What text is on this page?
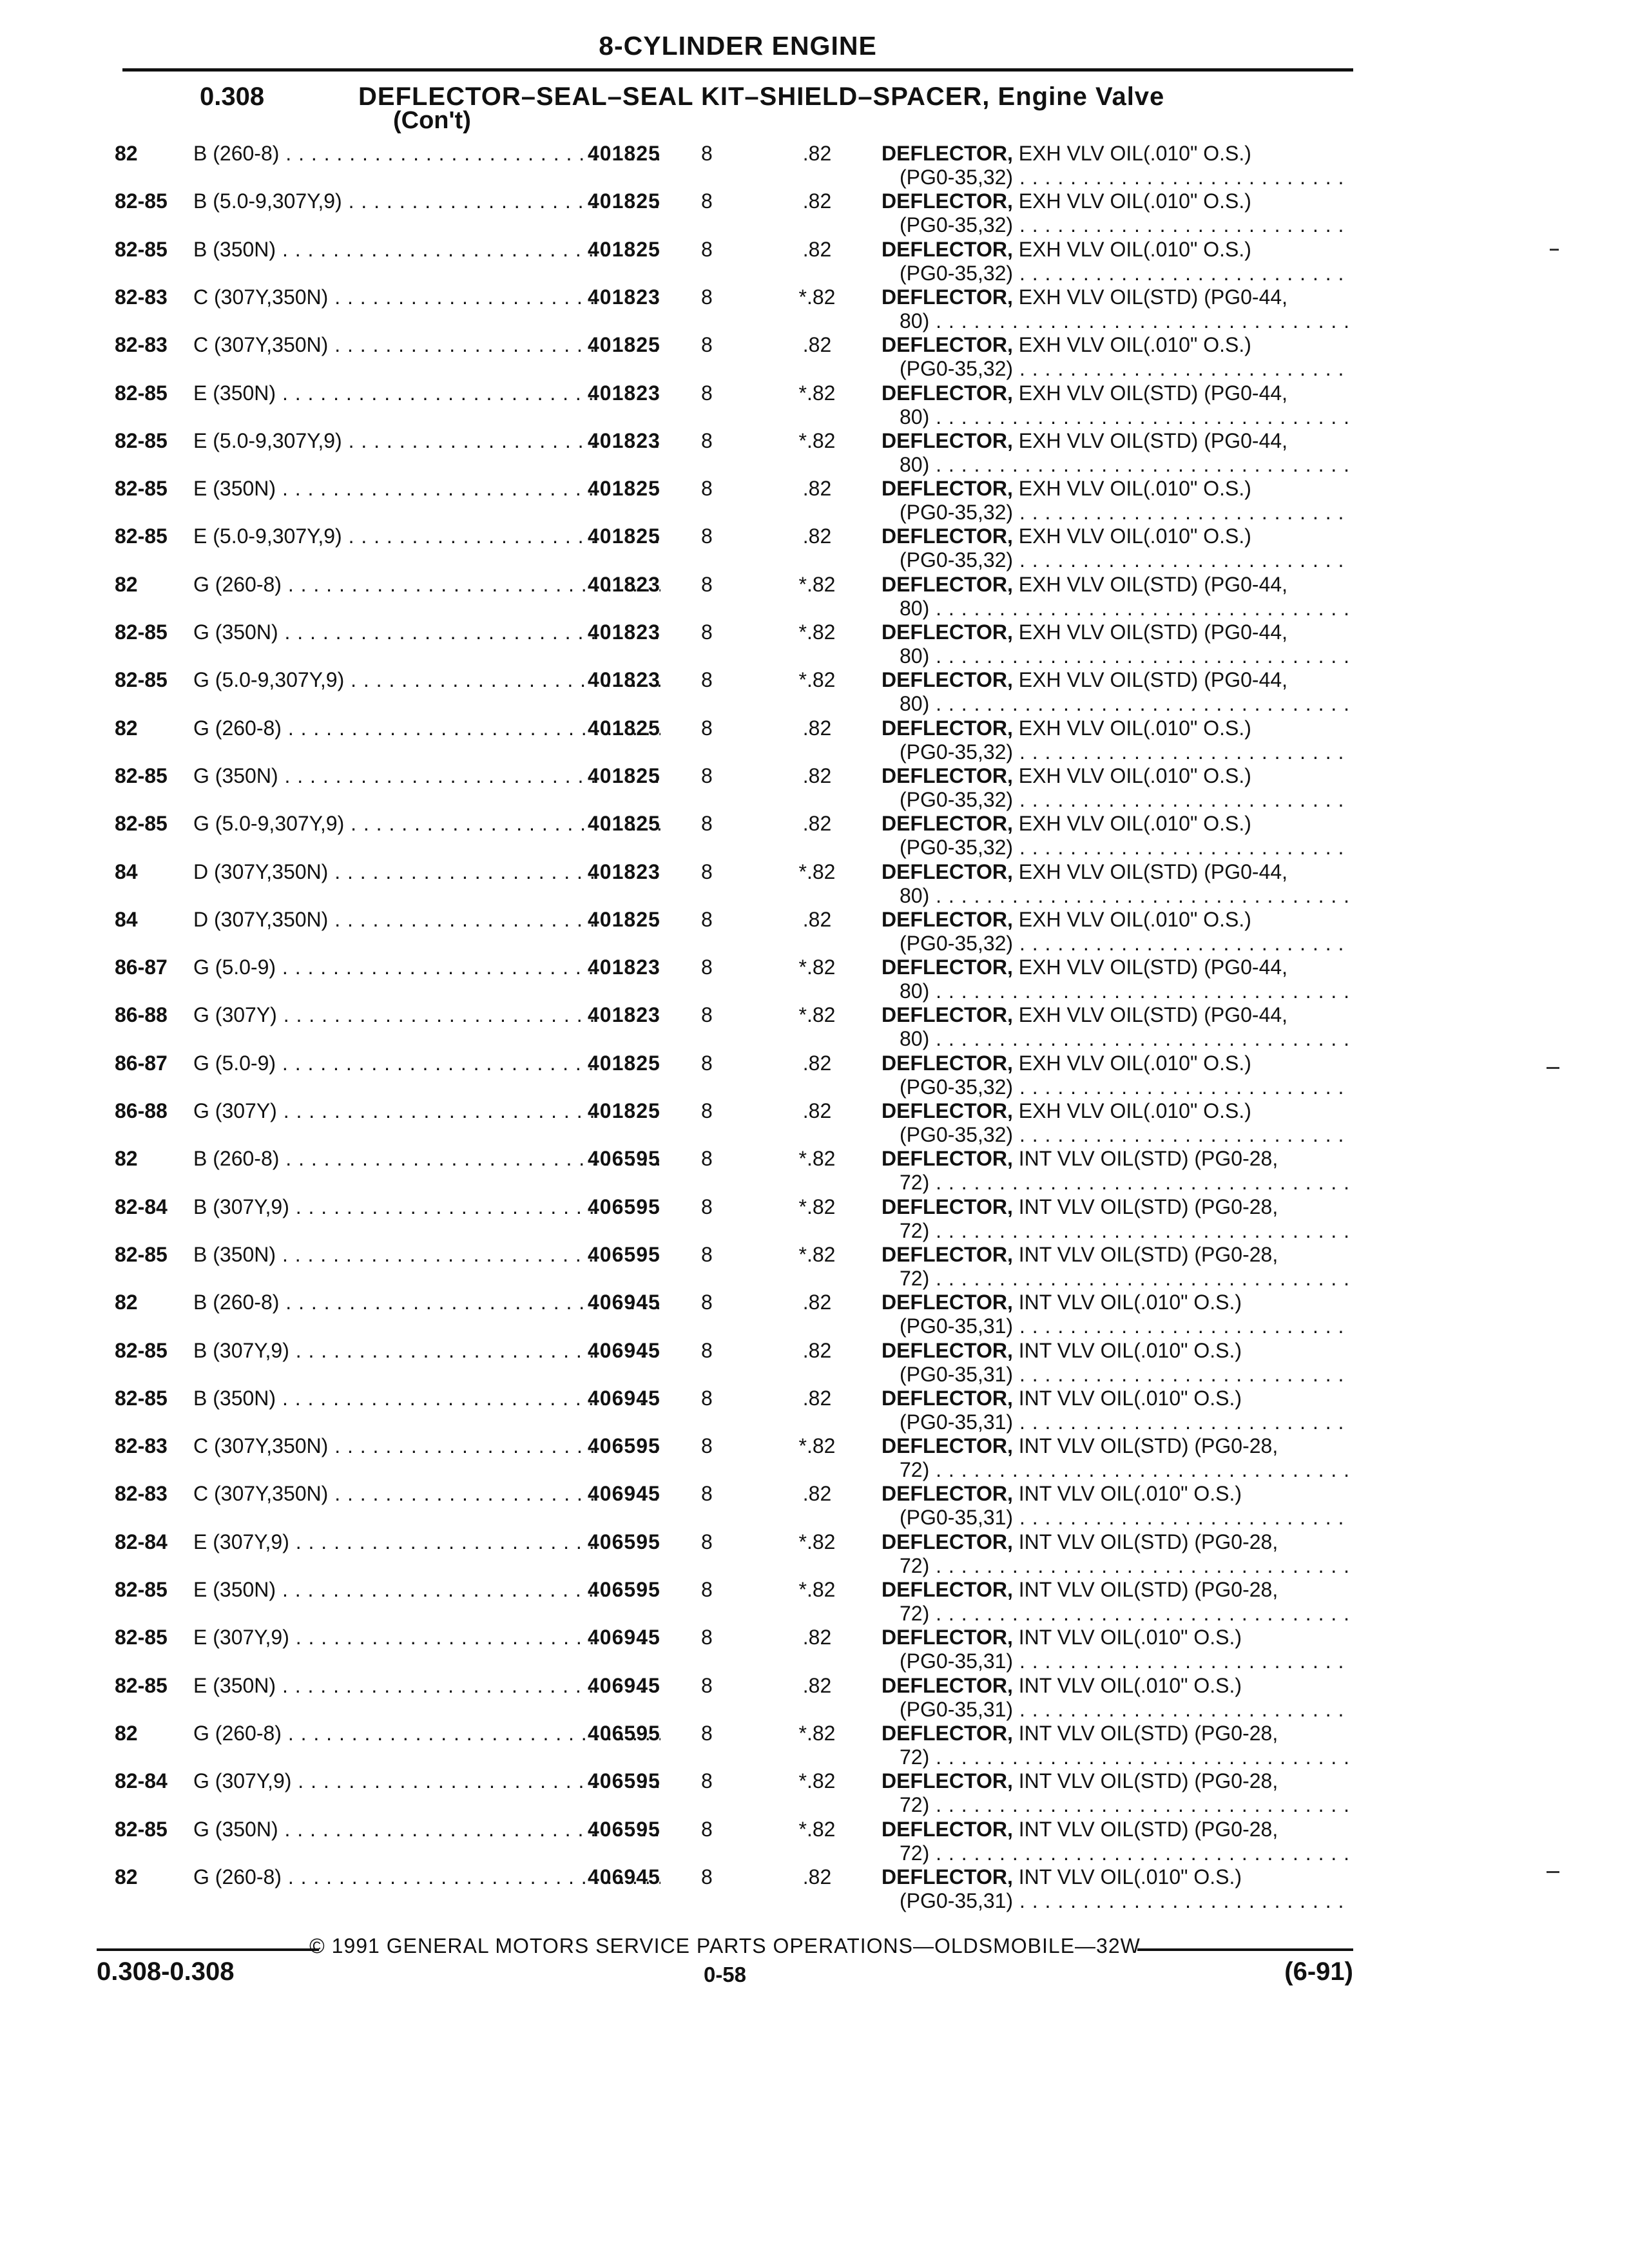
8-CYLINDER ENGINE
0.308	DEFLECTOR–SEAL–SEAL KIT–SHIELD–SPACER, Engine Valve
(Con't)
82	B (260-8) . . .	401825	8	.82	DEFLECTOR, EXH VLV OIL(.010" O.S.)
(PG0-35,32) . . .
82-85	B (5.0-9,307Y,9) . . .	401825	8	.82	DEFLECTOR, EXH VLV OIL(.010" O.S.)
(PG0-35,32) . . .
82-85	B (350N) . . .	401825	8	.82	DEFLECTOR, EXH VLV OIL(.010" O.S.)
(PG0-35,32) . . .
82-83	C (307Y,350N) . . .	401823	8	*.82	DEFLECTOR, EXH VLV OIL(STD) (PG0-44,
80) . . .
82-83	C (307Y,350N) . . .	401825	8	.82	DEFLECTOR, EXH VLV OIL(.010" O.S.)
(PG0-35,32) . . .
82-85	E (350N) . . .	401823	8	*.82	DEFLECTOR, EXH VLV OIL(STD) (PG0-44,
80) . . .
82-85	E (5.0-9,307Y,9) . . .	401823	8	*.82	DEFLECTOR, EXH VLV OIL(STD) (PG0-44,
80) . . .
82-85	E (350N) . . .	401825	8	.82	DEFLECTOR, EXH VLV OIL(.010" O.S.)
(PG0-35,32) . . .
82-85	E (5.0-9,307Y,9) . . .	401825	8	.82	DEFLECTOR, EXH VLV OIL(.010" O.S.)
(PG0-35,32) . . .
82	G (260-8) . . .	401823	8	*.82	DEFLECTOR, EXH VLV OIL(STD) (PG0-44,
80) . . .
82-85	G (350N) . . .	401823	8	*.82	DEFLECTOR, EXH VLV OIL(STD) (PG0-44,
80) . . .
82-85	G (5.0-9,307Y,9) . . .	401823	8	*.82	DEFLECTOR, EXH VLV OIL(STD) (PG0-44,
80) . . .
82	G (260-8) . . .	401825	8	.82	DEFLECTOR, EXH VLV OIL(.010" O.S.)
(PG0-35,32) . . .
82-85	G (350N) . . .	401825	8	.82	DEFLECTOR, EXH VLV OIL(.010" O.S.)
(PG0-35,32) . . .
82-85	G (5.0-9,307Y,9) . . .	401825	8	.82	DEFLECTOR, EXH VLV OIL(.010" O.S.)
(PG0-35,32) . . .
84	D (307Y,350N) . . .	401823	8	*.82	DEFLECTOR, EXH VLV OIL(STD) (PG0-44,
80) . . .
84	D (307Y,350N) . . .	401825	8	.82	DEFLECTOR, EXH VLV OIL(.010" O.S.)
(PG0-35,32) . . .
86-87	G (5.0-9) . . .	401823	8	*.82	DEFLECTOR, EXH VLV OIL(STD) (PG0-44,
80) . . .
86-88	G (307Y) . . .	401823	8	*.82	DEFLECTOR, EXH VLV OIL(STD) (PG0-44,
80) . . .
86-87	G (5.0-9) . . .	401825	8	.82	DEFLECTOR, EXH VLV OIL(.010" O.S.)
(PG0-35,32) . . .
86-88	G (307Y) . . .	401825	8	.82	DEFLECTOR, EXH VLV OIL(.010" O.S.)
(PG0-35,32) . . .
82	B (260-8) . . .	406595	8	*.82	DEFLECTOR, INT VLV OIL(STD) (PG0-28,
72) . . .
82-84	B (307Y,9) . . .	406595	8	*.82	DEFLECTOR, INT VLV OIL(STD) (PG0-28,
72) . . .
82-85	B (350N) . . .	406595	8	*.82	DEFLECTOR, INT VLV OIL(STD) (PG0-28,
72) . . .
82	B (260-8) . . .	406945	8	.82	DEFLECTOR, INT VLV OIL(.010" O.S.)
(PG0-35,31) . . .
82-85	B (307Y,9) . . .	406945	8	.82	DEFLECTOR, INT VLV OIL(.010" O.S.)
(PG0-35,31) . . .
82-85	B (350N) . . .	406945	8	.82	DEFLECTOR, INT VLV OIL(.010" O.S.)
(PG0-35,31) . . .
82-83	C (307Y,350N) . . .	406595	8	*.82	DEFLECTOR, INT VLV OIL(STD) (PG0-28,
72) . . .
82-83	C (307Y,350N) . . .	406945	8	.82	DEFLECTOR, INT VLV OIL(.010" O.S.)
(PG0-35,31) . . .
82-84	E (307Y,9) . . .	406595	8	*.82	DEFLECTOR, INT VLV OIL(STD) (PG0-28,
72) . . .
82-85	E (350N) . . .	406595	8	*.82	DEFLECTOR, INT VLV OIL(STD) (PG0-28,
72) . . .
82-85	E (307Y,9) . . .	406945	8	.82	DEFLECTOR, INT VLV OIL(.010" O.S.)
(PG0-35,31) . . .
82-85	E (350N) . . .	406945	8	.82	DEFLECTOR, INT VLV OIL(.010" O.S.)
(PG0-35,31) . . .
82	G (260-8) . . .	406595	8	*.82	DEFLECTOR, INT VLV OIL(STD) (PG0-28,
72) . . .
82-84	G (307Y,9) . . .	406595	8	*.82	DEFLECTOR, INT VLV OIL(STD) (PG0-28,
72) . . .
82-85	G (350N) . . .	406595	8	*.82	DEFLECTOR, INT VLV OIL(STD) (PG0-28,
72) . . .
82	G (260-8) . . .	406945	8	.82	DEFLECTOR, INT VLV OIL(.010" O.S.)
(PG0-35,31) . . .
© 1991 GENERAL MOTORS SERVICE PARTS OPERATIONS—OLDSMOBILE—32W
0.308-0.308	0-58	(6-91)
